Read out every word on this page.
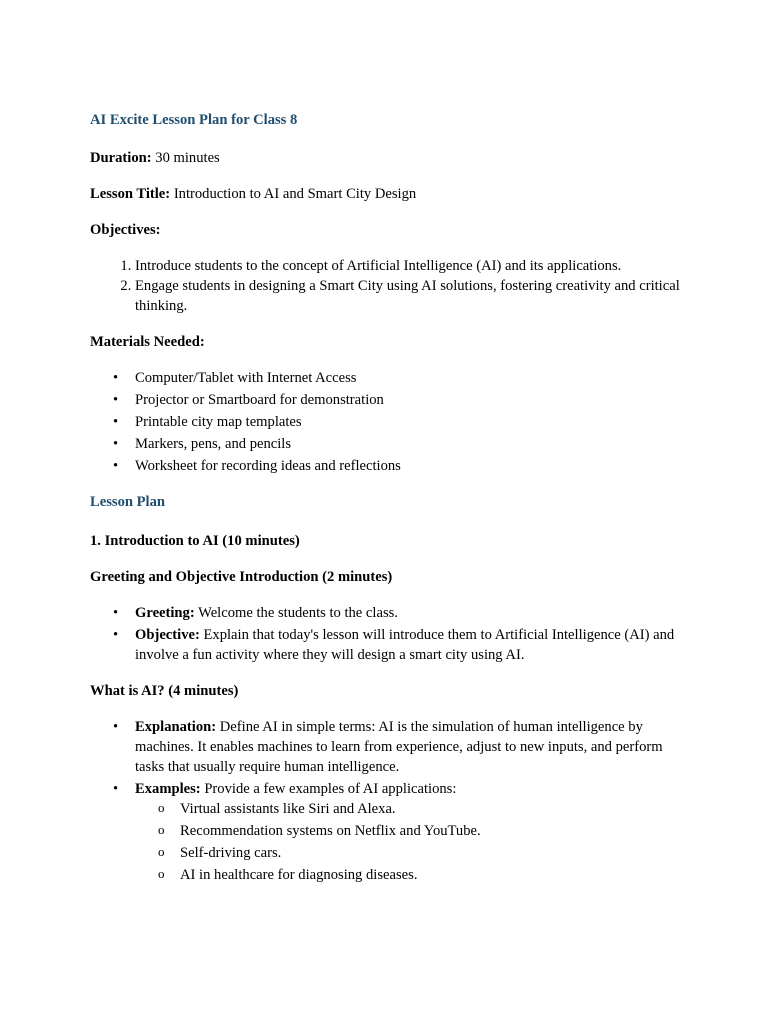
AI Excite Lesson Plan for Class 8

Duration: 30 minutes

Lesson Title: Introduction to AI and Smart City Design

Objectives:

1. Introduce students to the concept of Artificial Intelligence (AI) and its applications.
2. Engage students in designing a Smart City using AI solutions, fostering creativity and critical thinking.

Materials Needed:

• Computer/Tablet with Internet Access
• Projector or Smartboard for demonstration
• Printable city map templates
• Markers, pens, and pencils
• Worksheet for recording ideas and reflections

Lesson Plan

1. Introduction to AI (10 minutes)

Greeting and Objective Introduction (2 minutes)

• Greeting: Welcome the students to the class.
• Objective: Explain that today's lesson will introduce them to Artificial Intelligence (AI) and involve a fun activity where they will design a smart city using AI.

What is AI? (4 minutes)

• Explanation: Define AI in simple terms: AI is the simulation of human intelligence by machines. It enables machines to learn from experience, adjust to new inputs, and perform tasks that usually require human intelligence.
• Examples: Provide a few examples of AI applications:
o Virtual assistants like Siri and Alexa.
o Recommendation systems on Netflix and YouTube.
o Self-driving cars.
o AI in healthcare for diagnosing diseases.
